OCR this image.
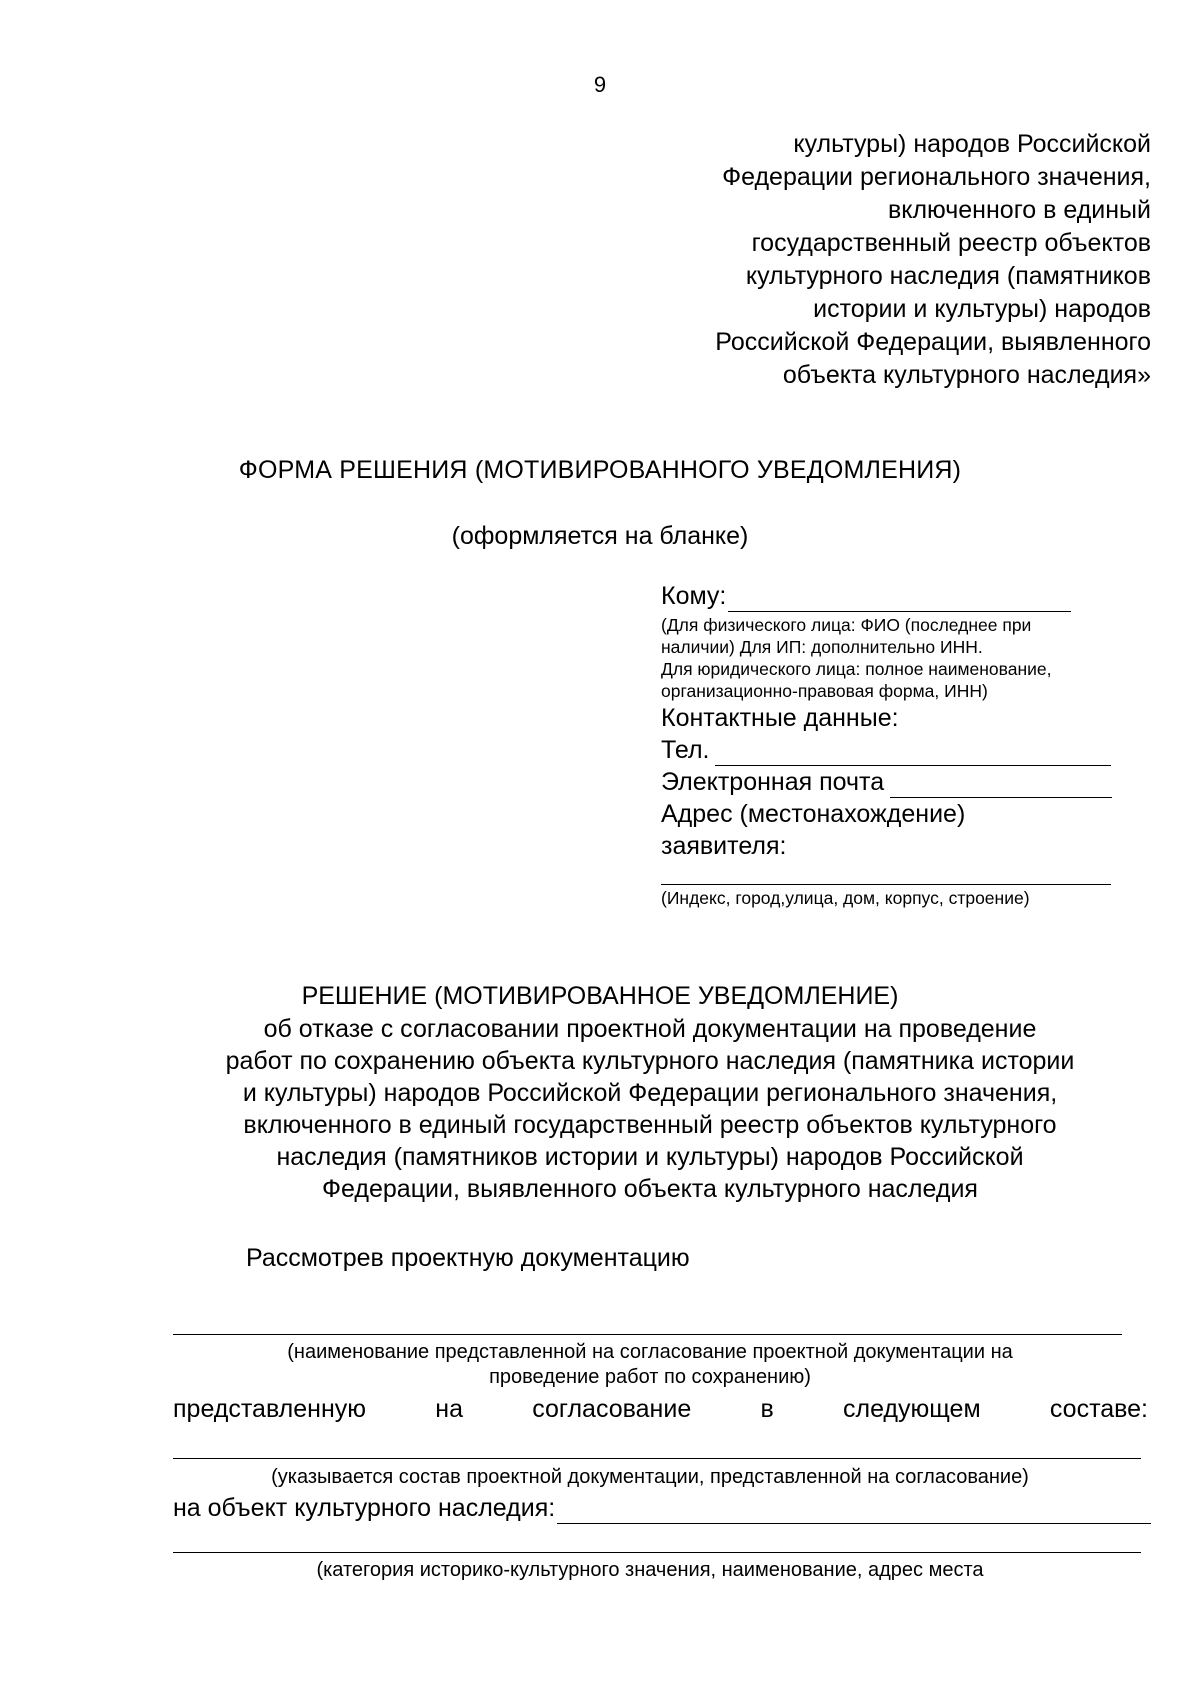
9
культуры) народов Российской
Федерации регионального значения,
включенного в единый
государственный реестр объектов
культурного наследия (памятников
истории и культуры) народов
Российской Федерации, выявленного
объекта культурного наследия»
ФОРМА РЕШЕНИЯ (МОТИВИРОВАННОГО УВЕДОМЛЕНИЯ)
(оформляется на бланке)
Кому:
(Для физического лица: ФИО (последнее при
наличии) Для ИП: дополнительно ИНН.
Для юридического лица: полное наименование,
организационно-правовая форма, ИНН)
Контактные данные:
Тел.
Электронная почта
Адрес (местонахождение)
заявителя:
(Индекс, город,улица, дом, корпус, строение)
РЕШЕНИЕ (МОТИВИРОВАННОЕ УВЕДОМЛЕНИЕ)
об отказе с согласовании проектной документации на проведение
работ по сохранению объекта культурного наследия (памятника истории
и культуры) народов Российской Федерации регионального значения,
включенного в единый государственный реестр объектов культурного
наследия (памятников истории и культуры) народов Российской
Федерации, выявленного объекта культурного наследия
Рассмотрев проектную документацию
(наименование представленной на согласование проектной документации на
проведение работ по сохранению)
представленную	на	согласование	в	следующем	составе:
(указывается состав проектной документации, представленной на согласование)
на объект культурного наследия:
(категория историко-культурного значения, наименование, адрес места
